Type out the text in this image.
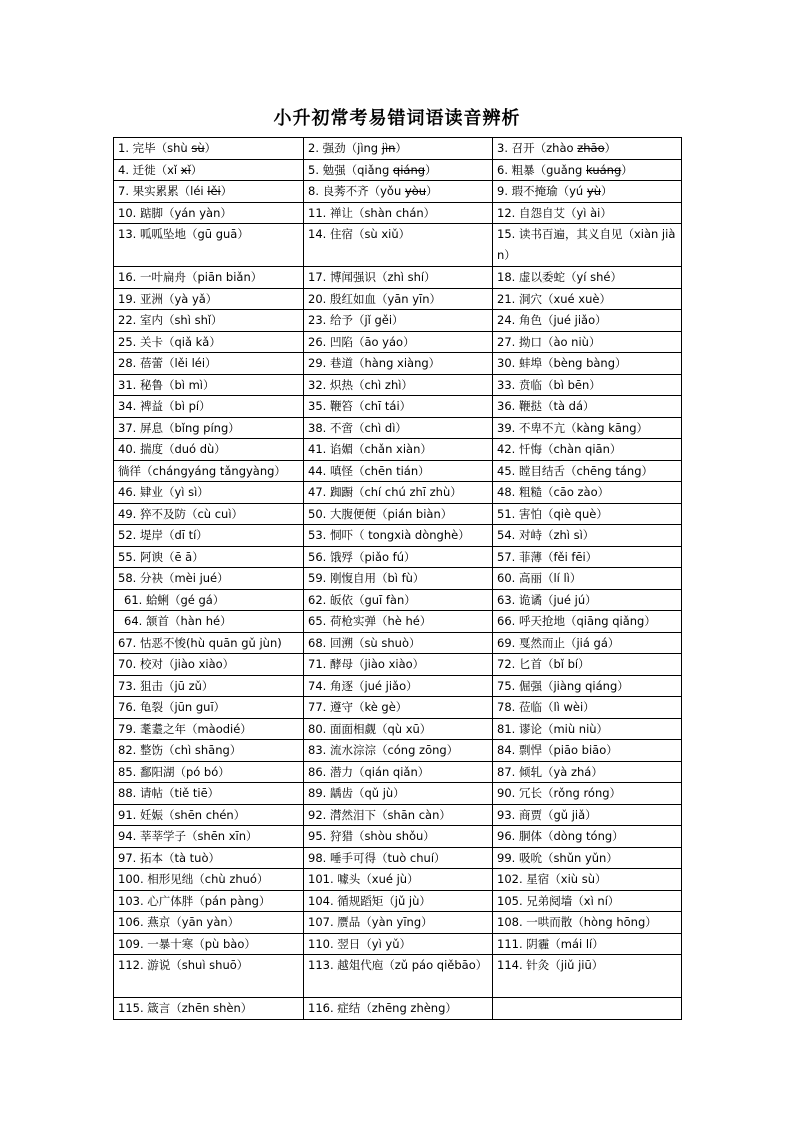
小升初常考易错词语读音辨析
1. 完毕（shù sù）	2. 强劲（jìng jìn）	3. 召开（zhào zhāo）
4. 迁徙（xǐ xǐ）	5. 勉强（qiǎng qiáng）	6. 粗暴（guǎng kuáng）
7. 果实累累（léi lěi）	8. 良莠不齐（yǒu yòu）	9. 瑕不掩瑜（yú yù）
10. 踮脚（yán yàn）	11. 禅让（shàn chán）	12. 自怨自艾（yì ài）
13. 呱呱坠地（gū guā）	14. 住宿（sù xiǔ）	15. 读书百遍，其义自见（xiàn jiàn）
16. 一叶扁舟（piān biǎn）	17. 博闻强识（zhì shí）	18. 虚以委蛇（yí shé）
19. 亚洲（yà yǎ）	20. 殷红如血（yān yīn）	21. 洞穴（xué xuè）
22. 室内（shì shǐ）	23. 给予（jǐ gěi）	24. 角色（jué jiǎo）
25. 关卡（qiǎ kǎ）	26. 凹陷（āo yáo）	27. 拗口（ào niù）
28. 蓓蕾（lěi léi）	29. 巷道（hàng xiàng）	30. 蚌埠（bèng bàng）
31. 秘鲁（bì mì）	32. 炽热（chì zhì）	33. 贲临（bì bēn）
34. 裨益（bì pí）	35. 鞭笞（chī tái）	36. 鞭挞（tà dá）
37. 屏息（bǐng píng）	38. 不啻（chì dì）	39. 不卑不亢（kàng kāng）
40. 揣度（duó dù）	41. 谄媚（chǎn xiàn）	42. 忏悔（chàn qiān）
徜徉（chángyáng tǎngyàng）	44. 嗔怪（chēn tián）	45. 瞠目结舌（chēng táng）
46. 肄业（yì sì）	47. 踟蹰（chí chú zhī zhù）	48. 粗糙（cāo zào）
49. 猝不及防（cù cuì）	50. 大腹便便（pián biàn）	51. 害怕（qiè què）
52. 堤岸（dī tí）	53. 恫吓（ tongxià dònghè）	54. 对峙（zhì sì）
55. 阿谀（ē ā）	56. 饿殍（piǎo fú）	57. 菲薄（fěi fēi）
58. 分袂（mèi jué）	59. 刚愎自用（bì fù）	60. 高丽（lí lì）
61. 蛤蜊（gé gá）	62. 皈依（guī fàn）	63. 诡谲（jué jú）
64. 颔首（hàn hé）	65. 荷枪实弹（hè hé）	66. 呼天抢地（qiāng qiǎng）
67. 怙恶不悛(hù quān gǔ jùn)	68. 回溯（sù shuò）	69. 戛然而止（jiá gá）
70. 校对（jiào xiào）	71. 酵母（jiào xiào）	72. 匕首（bǐ bí）
73. 狙击（jū zǔ）	74. 角逐（jué jiǎo）	75. 倔强（jiàng qiáng）
76. 龟裂（jūn guī）	77. 遵守（kè gè）	78. 莅临（lì wèi）
79. 耄耋之年（màodié）	80. 面面相觑（qù xū）	81. 谬论（miù niù）
82. 整饬（chì shāng）	83. 流水淙淙（cóng zōng）	84. 剽悍（piāo biāo）
85. 鄱阳湖（pó bó）	86. 潜力（qián qiǎn）	87. 倾轧（yà zhá）
88. 请帖（tiě tiē）	89. 龋齿（qǔ jù）	90. 冗长（rǒng róng）
91. 妊娠（shēn chén）	92. 潸然泪下（shān càn）	93. 商贾（gǔ jiǎ）
94. 莘莘学子（shēn xīn）	95. 狩猎（shòu shǒu）	96. 胴体（dòng tóng）
97. 拓本（tà tuò）	98. 唾手可得（tuò chuí）	99. 吸吮（shǔn yǔn）
100. 相形见绌（chù zhuó）	101. 噱头（xué jù）	102. 星宿（xiù sù）
103. 心广体胖（pán pàng）	104. 循规蹈矩（jǔ jù）	105. 兄弟阋墙（xì ní）
106. 燕京（yān yàn）	107. 赝品（yàn yīng）	108. 一哄而散（hòng hōng）
109. 一暴十寒（pù bào）	110. 翌日（yì yǔ）	111. 阴霾（mái lí）
112. 游说（shuì shuō）	113. 越俎代庖（zǔ páo qiěbāo）	114. 针灸（jiǔ jiū）
115. 箴言（zhēn shèn）	116. 症结（zhēng zhèng）	
